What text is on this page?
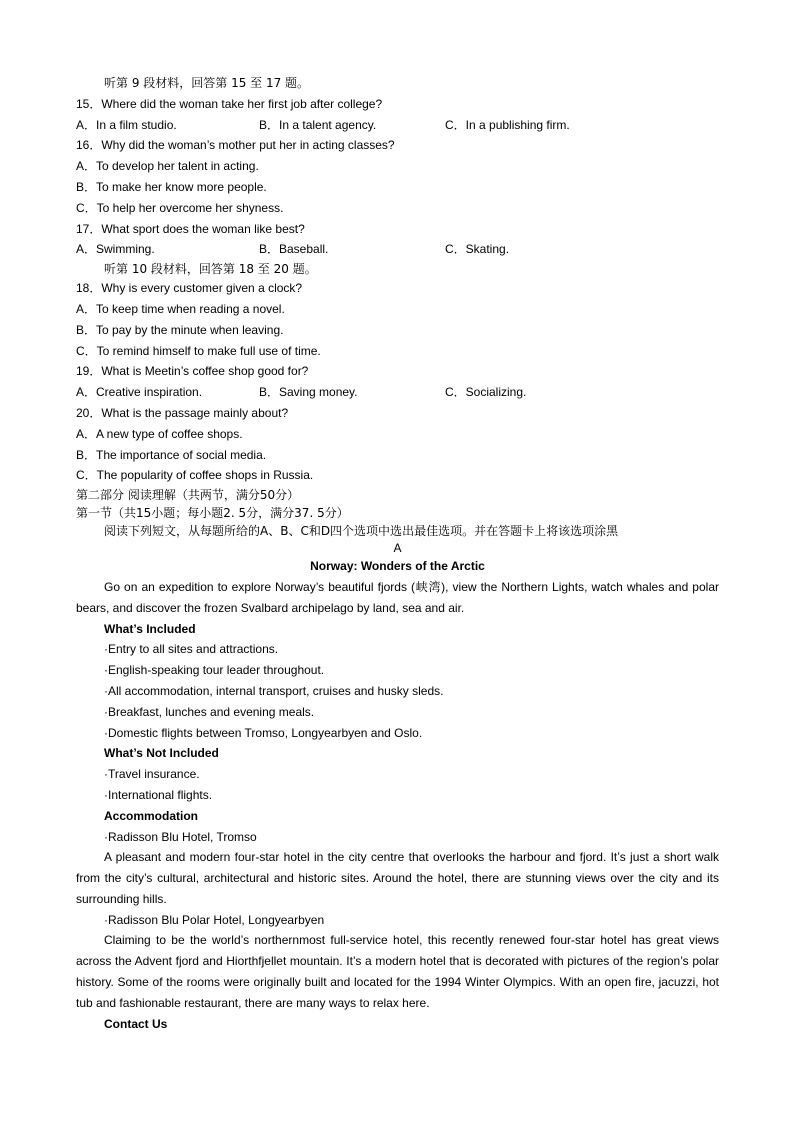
听第 9 段材料，回答第 15 至 17 题。
15．Where did the woman take her first job after college?
A．In a film studio.	B．In a talent agency.	C．In a publishing firm.
16．Why did the woman’s mother put her in acting classes?
A．To develop her talent in acting.
B．To make her know more people.
C．To help her overcome her shyness.
17．What sport does the woman like best?
A．Swimming.	B．Baseball.	C．Skating.
听第 10 段材料，回答第 18 至 20 题。
18．Why is every customer given a clock?
A．To keep time when reading a novel.
B．To pay by the minute when leaving.
C．To remind himself to make full use of time.
19．What is Meetin’s coffee shop good for?
A．Creative inspiration.	B．Saving money.	C．Socializing.
20．What is the passage mainly about?
A．A new type of coffee shops.
B．The importance of social media.
C．The popularity of coffee shops in Russia.
第二部分 阅读理解（共两节，满分50分）
第一节（共15小题；每小题2. 5分，满分37. 5分）
阅读下列短文，从每题所给的A、B、C和D四个选项中选出最佳选项。并在答题卡上将该选项涂黑
A
Norway: Wonders of the Arctic
Go on an expedition to explore Norway’s beautiful fjords (峡湾), view the Northern Lights, watch whales and polar bears, and discover the frozen Svalbard archipelago by land, sea and air.
What’s Included
·Entry to all sites and attractions.
·English-speaking tour leader throughout.
·All accommodation, internal transport, cruises and husky sleds.
·Breakfast, lunches and evening meals.
·Domestic flights between Tromso, Longyearbyen and Oslo.
What’s Not Included
·Travel insurance.
·International flights.
Accommodation
·Radisson Blu Hotel, Tromso
A pleasant and modern four-star hotel in the city centre that overlooks the harbour and fjord. It’s just a short walk from the city’s cultural, architectural and historic sites. Around the hotel, there are stunning views over the city and its surrounding hills.
·Radisson Blu Polar Hotel, Longyearbyen
Claiming to be the world’s northernmost full-service hotel, this recently renewed four-star hotel has great views across the Advent fjord and Hiorthfjellet mountain. It’s a modern hotel that is decorated with pictures of the region’s polar history. Some of the rooms were originally built and located for the 1994 Winter Olympics. With an open fire, jacuzzi, hot tub and fashionable restaurant, there are many ways to relax here.
Contact Us
